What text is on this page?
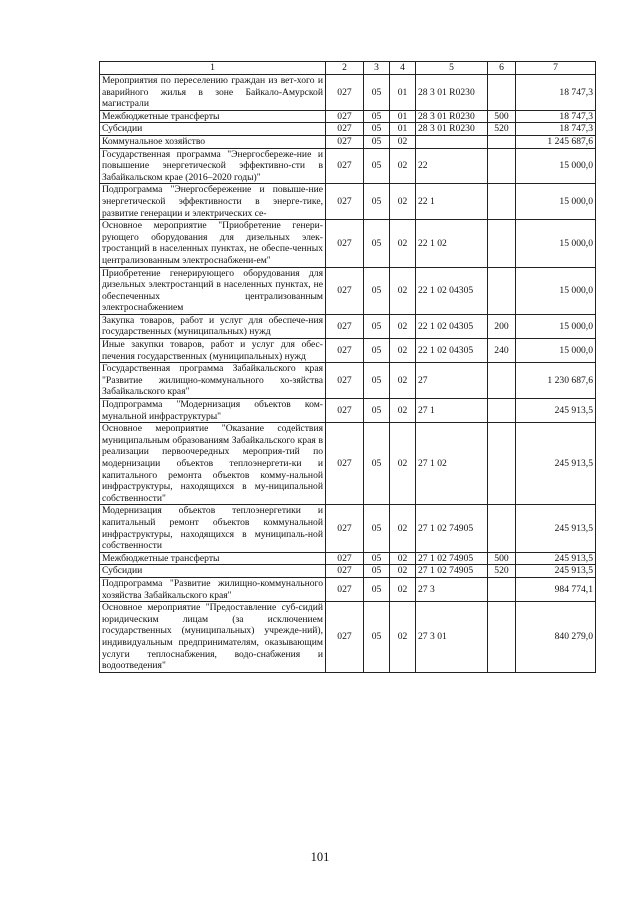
1	2	3	4	5	6	7
Мероприятия по переселению граждан из вет-хого и аварийного жилья в зоне Байкало-Амурской магистрали	027	05	01	28 3 01 R0230		18 747,3
Межбюджетные трансферты	027	05	01	28 3 01 R0230	500	18 747,3
Субсидии	027	05	01	28 3 01 R0230	520	18 747,3
Коммунальное хозяйство	027	05	02			1 245 687,6
Государственная программа "Энергосбереже-ние и повышение энергетической эффективно-сти в Забайкальском крае (2016–2020 годы)"	027	05	02	22		15 000,0
Подпрограмма "Энергосбережение и повыше-ние энергетической эффективности в энерге-тике, развитие генерации и электрических се-	027	05	02	22 1		15 000,0
Основное мероприятие "Приобретение генери-рующего оборудования для дизельных элек-тростанций в населенных пунктах, не обеспе-ченных централизованным электроснабжени-ем"	027	05	02	22 1 02		15 000,0
Приобретение генерирующего оборудования для дизельных электростанций в населенных пунктах, не обеспеченных централизованным электроснабжением	027	05	02	22 1 02 04305		15 000,0
Закупка товаров, работ и услуг для обеспече-ния государственных (муниципальных) нужд	027	05	02	22 1 02 04305	200	15 000,0
Иные закупки товаров, работ и услуг для обес-печения государственных (муниципальных) нужд	027	05	02	22 1 02 04305	240	15 000,0
Государственная программа Забайкальского края "Развитие жилищно-коммунального хо-зяйства Забайкальского края"	027	05	02	27		1 230 687,6
Подпрограмма "Модернизация объектов ком-мунальной инфраструктуры"	027	05	02	27 1		245 913,5
Основное мероприятие "Оказание содействия муниципальным образованиям Забайкальского края в реализации первоочередных мероприя-тий по модернизации объектов теплоэнергети-ки и капитального ремонта объектов комму-нальной инфраструктуры, находящихся в му-ниципальной собственности"	027	05	02	27 1 02		245 913,5
Модернизация объектов теплоэнергетики и капитальный ремонт объектов коммунальной инфраструктуры, находящихся в муниципаль-ной собственности	027	05	02	27 1 02 74905		245 913,5
Межбюджетные трансферты	027	05	02	27 1 02 74905	500	245 913,5
Субсидии	027	05	02	27 1 02 74905	520	245 913,5
Подпрограмма "Развитие жилищно-коммунального хозяйства Забайкальского края"	027	05	02	27 3		984 774,1
Основное мероприятие "Предоставление суб-сидий юридическим лицам (за исключением государственных (муниципальных) учрежде-ний), индивидуальным предпринимателям, оказывающим услуги теплоснабжения, водо-снабжения и водоотведения"	027	05	02	27 3 01		840 279,0
101
